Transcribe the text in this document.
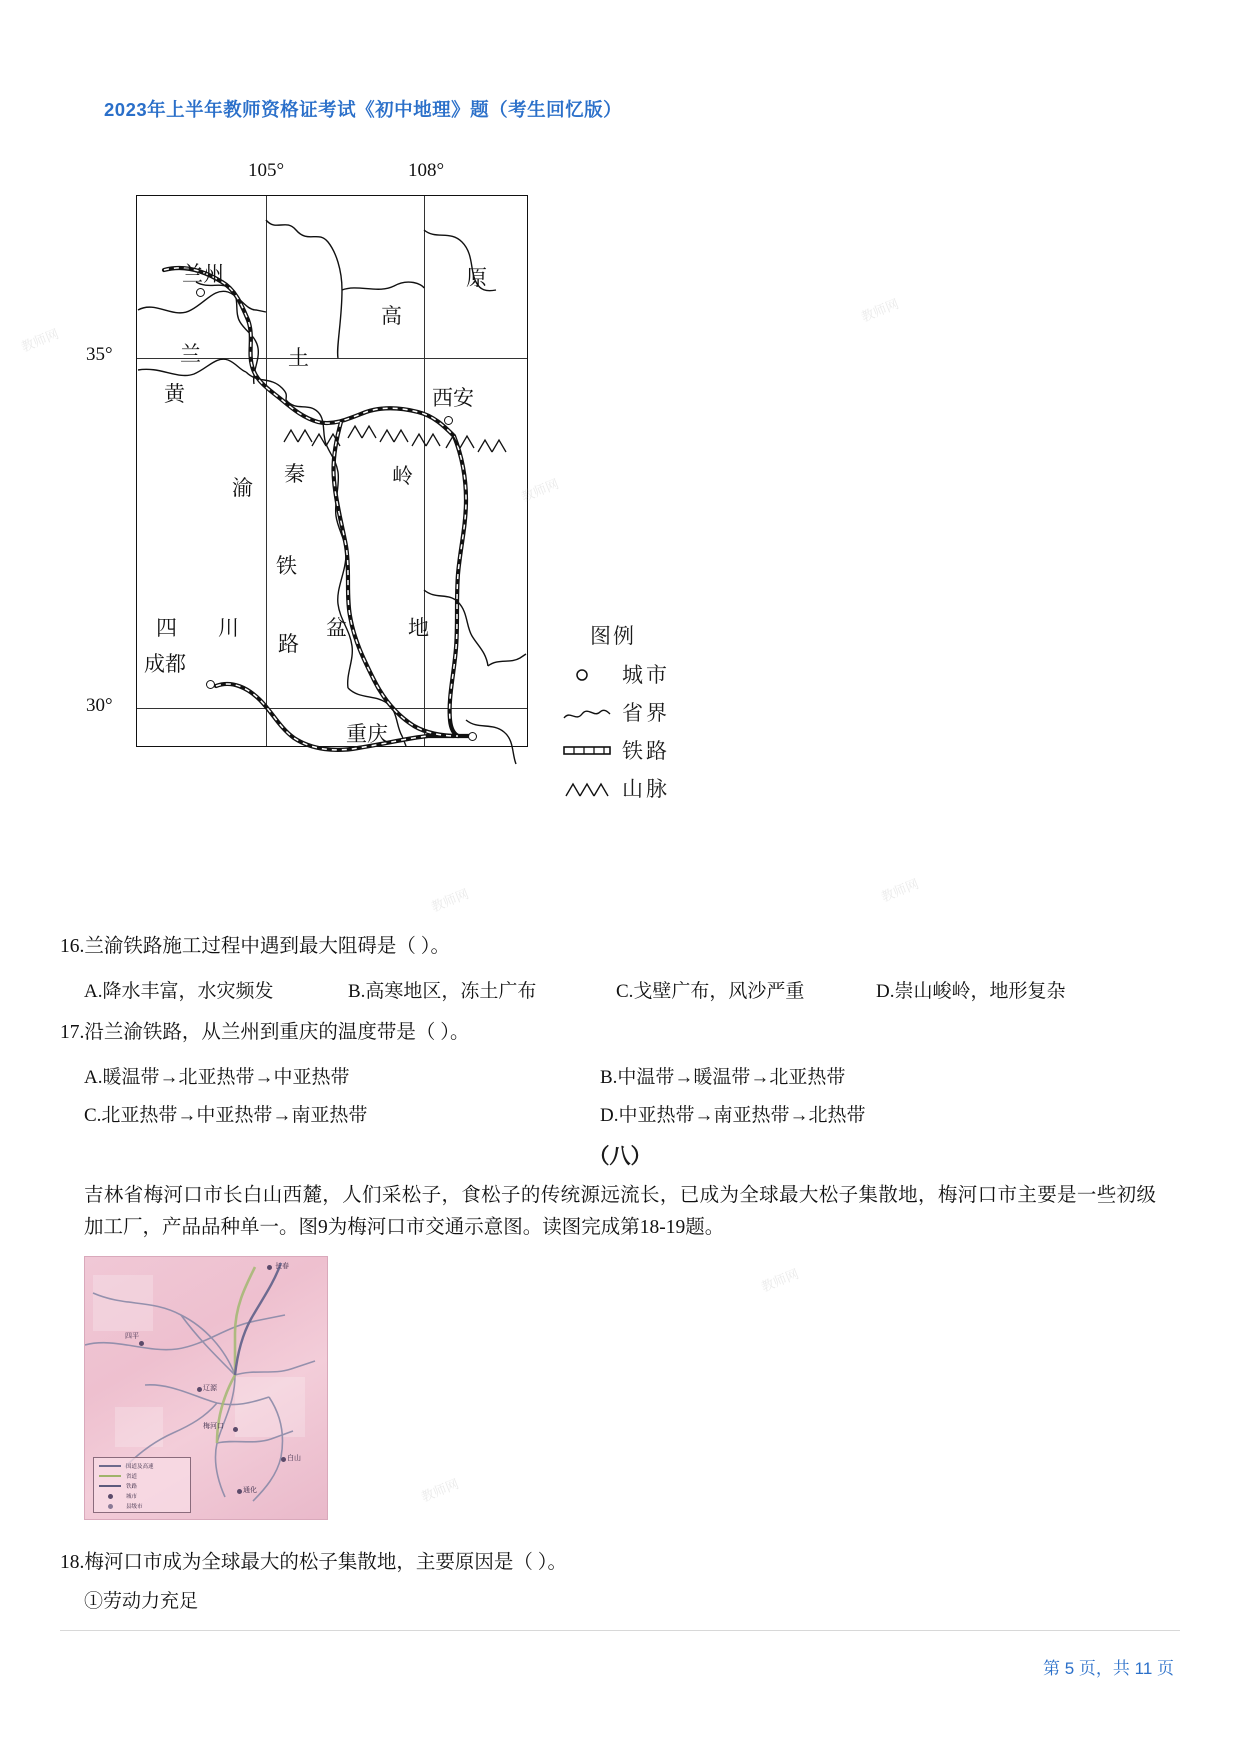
2023年上半年教师资格证考试《初中地理》题（考生回忆版）
105°	108°
35°
30°
兰州	原
高
土
兰
黄	西安
秦	岭
渝
铁
路
四 川	盆	地
成都
重庆
图例
城市
省界
铁路
山脉
教师网
教师网
教师网
教师网
教师网
教师网
教师网
16.兰渝铁路施工过程中遇到最大阻碍是（ ）。
A.降水丰富，水灾频发	B.高寒地区，冻土广布	C.戈壁广布，风沙严重	D.崇山峻岭，地形复杂
17.沿兰渝铁路，从兰州到重庆的温度带是（ ）。
A.暖温带→北亚热带→中亚热带	B.中温带→暖温带→北亚热带
C.北亚热带→中亚热带→南亚热带	D.中亚热带→南亚热带→北热带
（八）
吉林省梅河口市长白山西麓，人们采松子，食松子的传统源远流长，已成为全球最大松子集散地，梅河口市主要是一些初级加工厂，产品品种单一。图9为梅河口市交通示意图。读图完成第18-19题。
长春
四平
辽源
梅河口
白山
通化
国道及高速
省道
铁路
城市
县级市
18.梅河口市成为全球最大的松子集散地，主要原因是（ ）。
①劳动力充足
第 5 页，共 11 页
